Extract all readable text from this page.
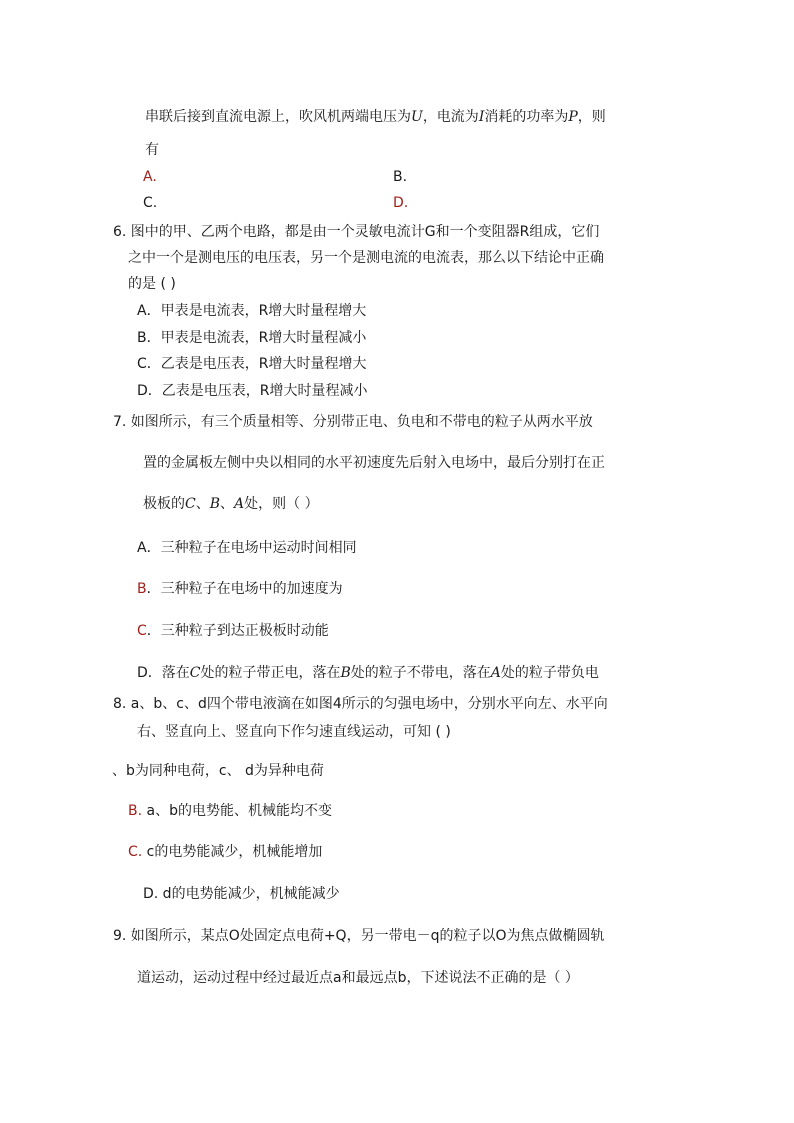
串联后接到直流电源上，吹风机两端电压为U，电流为I消耗的功率为P，则
有
A.	B.
C.	D.
6. 图中的甲、乙两个电路，都是由一个灵敏电流计G和一个变阻器R组成，它们
之中一个是测电压的电压表，另一个是测电流的电流表，那么以下结论中正确
的是 ( )
A．甲表是电流表，R增大时量程增大
B．甲表是电流表，R增大时量程减小
C．乙表是电压表，R增大时量程增大
D．乙表是电压表，R增大时量程减小
7. 如图所示，有三个质量相等、分别带正电、负电和不带电的粒子从两水平放
置的金属板左侧中央以相同的水平初速度先后射入电场中，最后分别打在正
极板的C、B、A处，则（ ）
A．三种粒子在电场中运动时间相同
B．三种粒子在电场中的加速度为
C．三种粒子到达正极板时动能
D．落在C处的粒子带正电，落在B处的粒子不带电，落在A处的粒子带负电
8. a、b、c、d四个带电液滴在如图4所示的匀强电场中，分别水平向左、水平向
右、竖直向上、竖直向下作匀速直线运动，可知 ( )
、b为同种电荷，c、 d为异种电荷
B. a、b的电势能、机械能均不变
C. c的电势能减少，机械能增加
D. d的电势能减少，机械能减少
9. 如图所示，某点O处固定点电荷+Q，另一带电－q的粒子以O为焦点做椭圆轨
道运动，运动过程中经过最近点a和最远点b，下述说法不正确的是（ ）
